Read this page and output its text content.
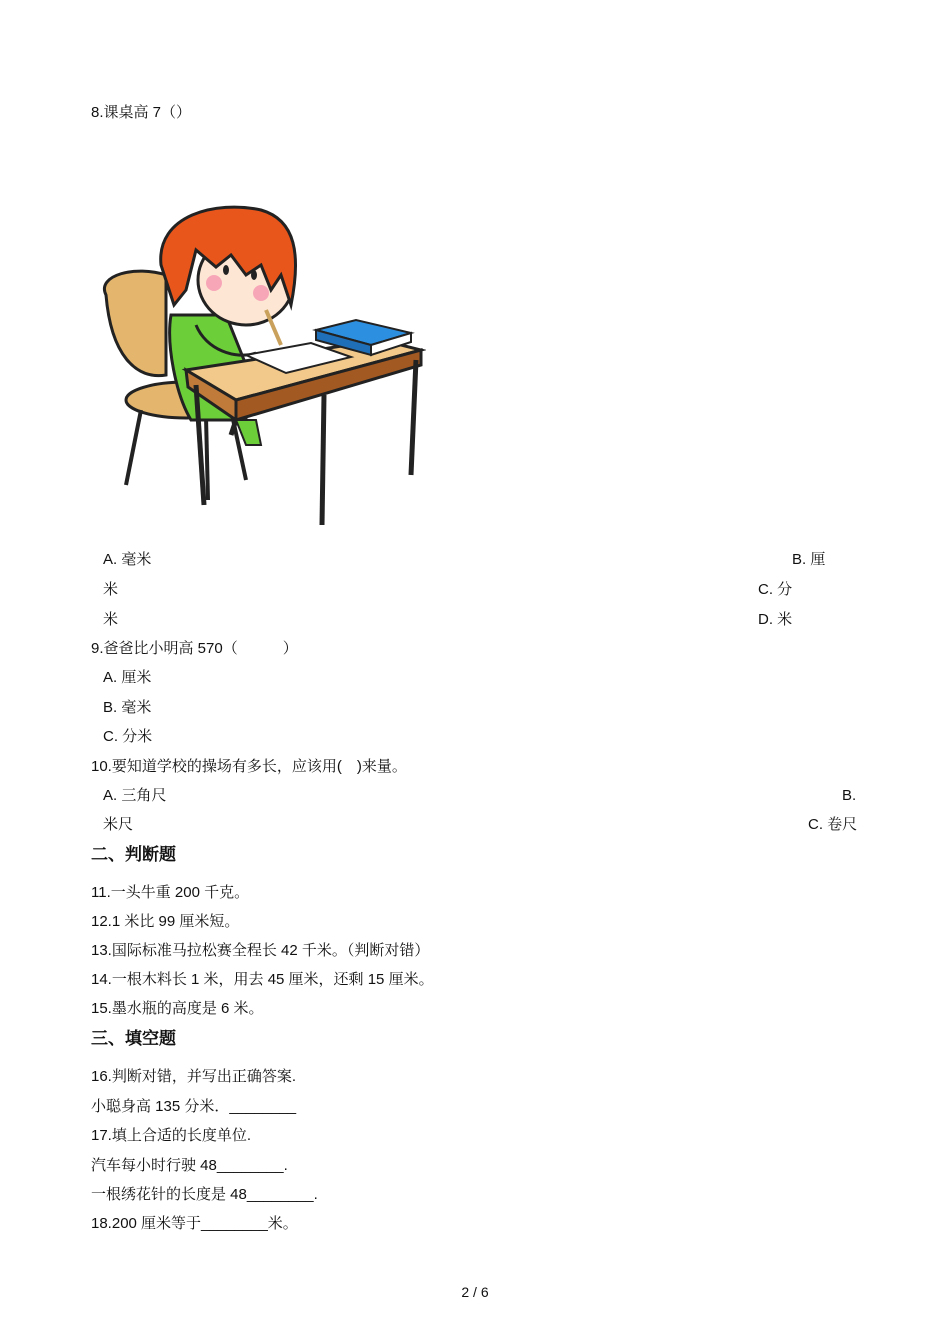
8.课桌高 7（）
A. 毫米	B. 厘
米	C. 分
米	D. 米
9.爸爸比小明高 570（　　　）
A. 厘米
B. 毫米
C. 分米
10.要知道学校的操场有多长，应该用(　)来量。
A. 三角尺	B.
米尺	C. 卷尺
二、判断题
11.一头牛重 200 千克。
12.1 米比 99 厘米短。
13.国际标准马拉松赛全程长 42 千米。（判断对错）
14.一根木料长 1 米，用去 45 厘米，还剩 15 厘米。
15.墨水瓶的高度是 6 米。
三、填空题
16.判断对错，并写出正确答案.
小聪身高 135 分米．________
17.填上合适的长度单位.
汽车每小时行驶 48________.
一根绣花针的长度是 48________.
18.200 厘米等于________米。
2 / 6
